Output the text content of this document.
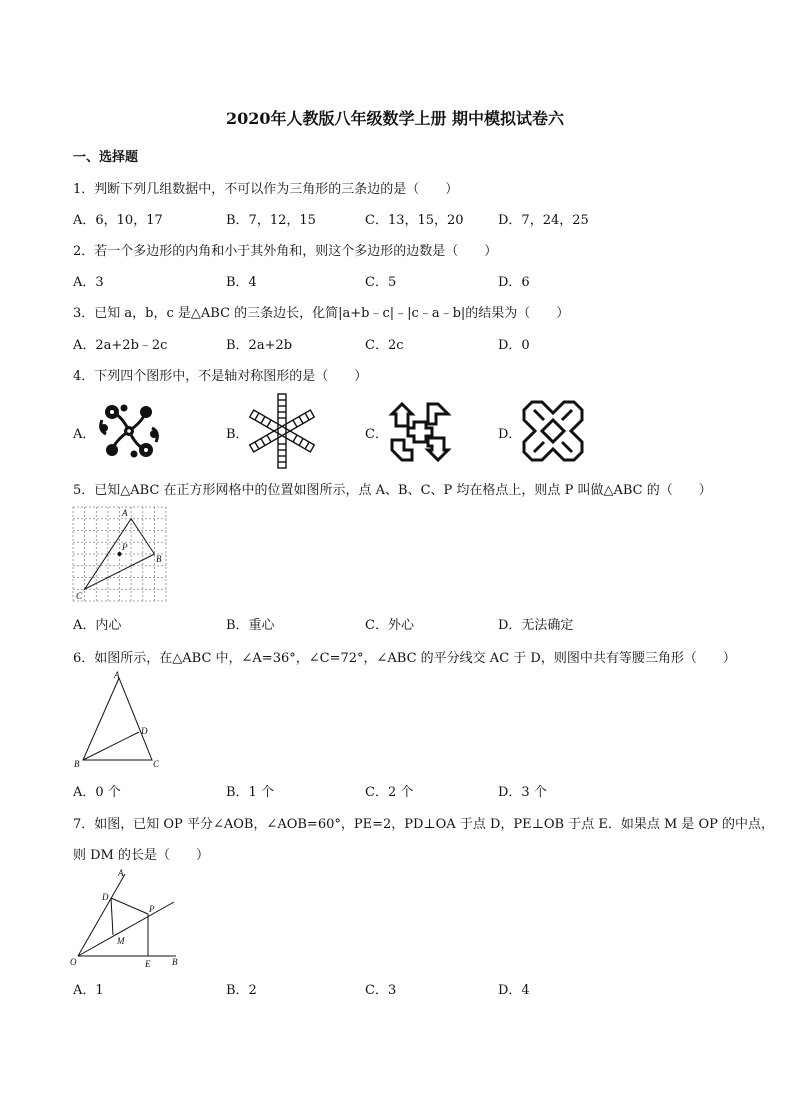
2020年人教版八年级数学上册 期中模拟试卷六
一、选择题
1．判断下列几组数据中，不可以作为三角形的三条边的是（　　）
A．6，10，17	B．7，12，15	C．13，15，20	D．7，24，25
2．若一个多边形的内角和小于其外角和，则这个多边形的边数是（　　）
A．3	B．4	C．5	D．6
3．已知 a，b，c 是△ABC 的三条边长，化简|a+b﹣c|﹣|c﹣a﹣b|的结果为（　　）
A．2a+2b﹣2c	B．2a+2b	C．2c	D．0
4．下列四个图形中，不是轴对称图形的是（　　）
A．	B．	C．	D．
5．已知△ABC 在正方形网格中的位置如图所示，点 A、B、C、P 均在格点上，则点 P 叫做△ABC 的（　　）
A
P
B
C
A．内心	B．重心	C．外心	D．无法确定
6．如图所示，在△ABC 中，∠A=36°，∠C=72°，∠ABC 的平分线交 AC 于 D，则图中共有等腰三角形（　　）
A
D
B	C
A．0 个	B．1 个	C．2 个	D．3 个
7．如图，已知 OP 平分∠AOB，∠AOB=60°，PE=2，PD⊥OA 于点 D，PE⊥OB 于点 E．如果点 M 是 OP 的中点，
则 DM 的长是（　　）
A
D
P
M
O	E B
A．1	B．2	C．3	D．4
